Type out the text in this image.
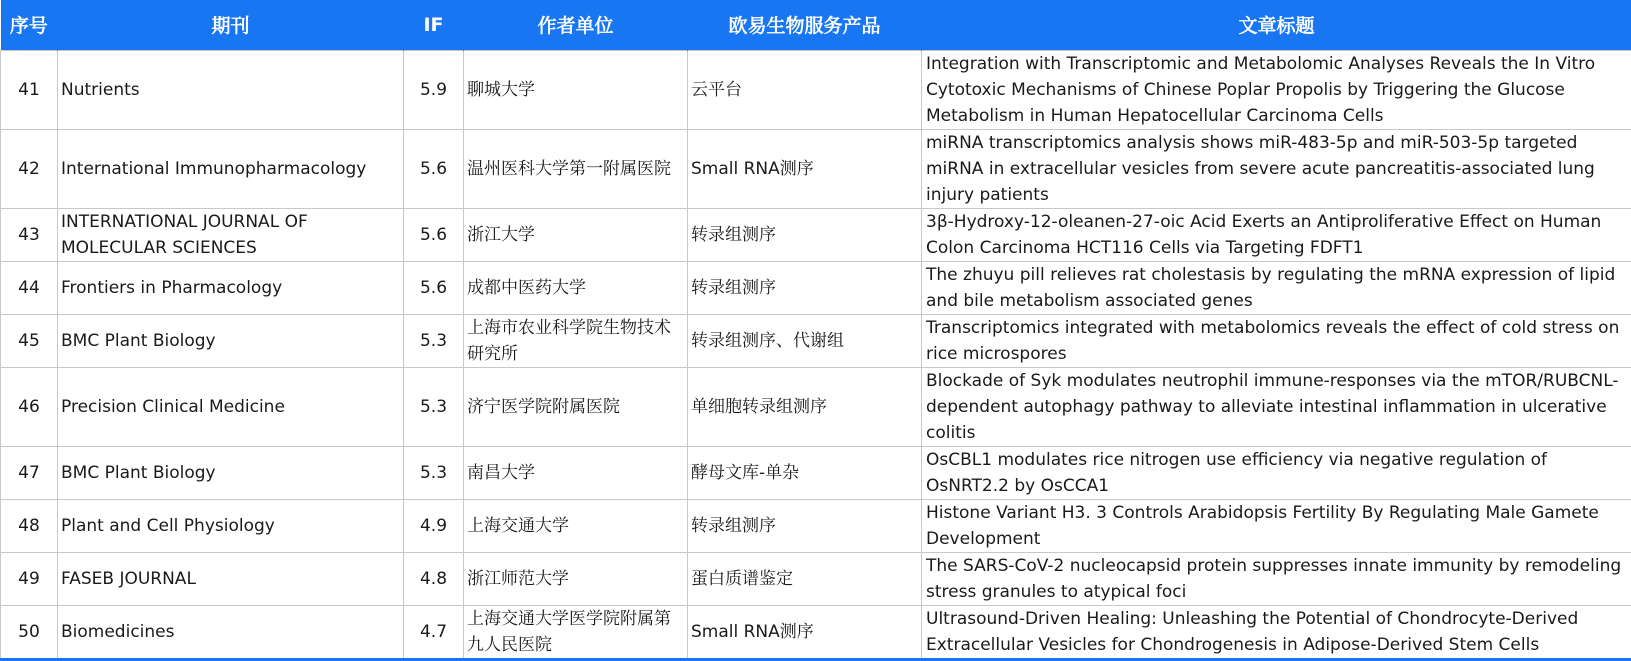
序号	期刊	IF	作者单位	欧易生物服务产品	文章标题
41	Nutrients	5.9	聊城大学	云平台	Integration with Transcriptomic and Metabolomic Analyses Reveals the In Vitro Cytotoxic Mechanisms of Chinese Poplar Propolis by Triggering the Glucose Metabolism in Human Hepatocellular Carcinoma Cells
42	International Immunopharmacology	5.6	温州医科大学第一附属医院	Small RNA测序	miRNA transcriptomics analysis shows miR-483-5p and miR-503-5p targeted miRNA in extracellular vesicles from severe acute pancreatitis-associated lung injury patients
43	INTERNATIONAL JOURNAL OF MOLECULAR SCIENCES	5.6	浙江大学	转录组测序	3β-Hydroxy-12-oleanen-27-oic Acid Exerts an Antiproliferative Effect on Human Colon Carcinoma HCT116 Cells via Targeting FDFT1
44	Frontiers in Pharmacology	5.6	成都中医药大学	转录组测序	The zhuyu pill relieves rat cholestasis by regulating the mRNA expression of lipid and bile metabolism associated genes
45	BMC Plant Biology	5.3	上海市农业科学院生物技术研究所	转录组测序、代谢组	Transcriptomics integrated with metabolomics reveals the effect of cold stress on rice microspores
46	Precision Clinical Medicine	5.3	济宁医学院附属医院	单细胞转录组测序	Blockade of Syk modulates neutrophil immune-responses via the mTOR/RUBCNL-dependent autophagy pathway to alleviate intestinal inflammation in ulcerative colitis
47	BMC Plant Biology	5.3	南昌大学	酵母文库-单杂	OsCBL1 modulates rice nitrogen use efficiency via negative regulation of OsNRT2.2 by OsCCA1
48	Plant and Cell Physiology	4.9	上海交通大学	转录组测序	Histone Variant H3. 3 Controls Arabidopsis Fertility By Regulating Male Gamete Development
49	FASEB JOURNAL	4.8	浙江师范大学	蛋白质谱鉴定	The SARS-CoV-2 nucleocapsid protein suppresses innate immunity by remodeling stress granules to atypical foci
50	Biomedicines	4.7	上海交通大学医学院附属第九人民医院	Small RNA测序	Ultrasound-Driven Healing: Unleashing the Potential of Chondrocyte-Derived Extracellular Vesicles for Chondrogenesis in Adipose-Derived Stem Cells
